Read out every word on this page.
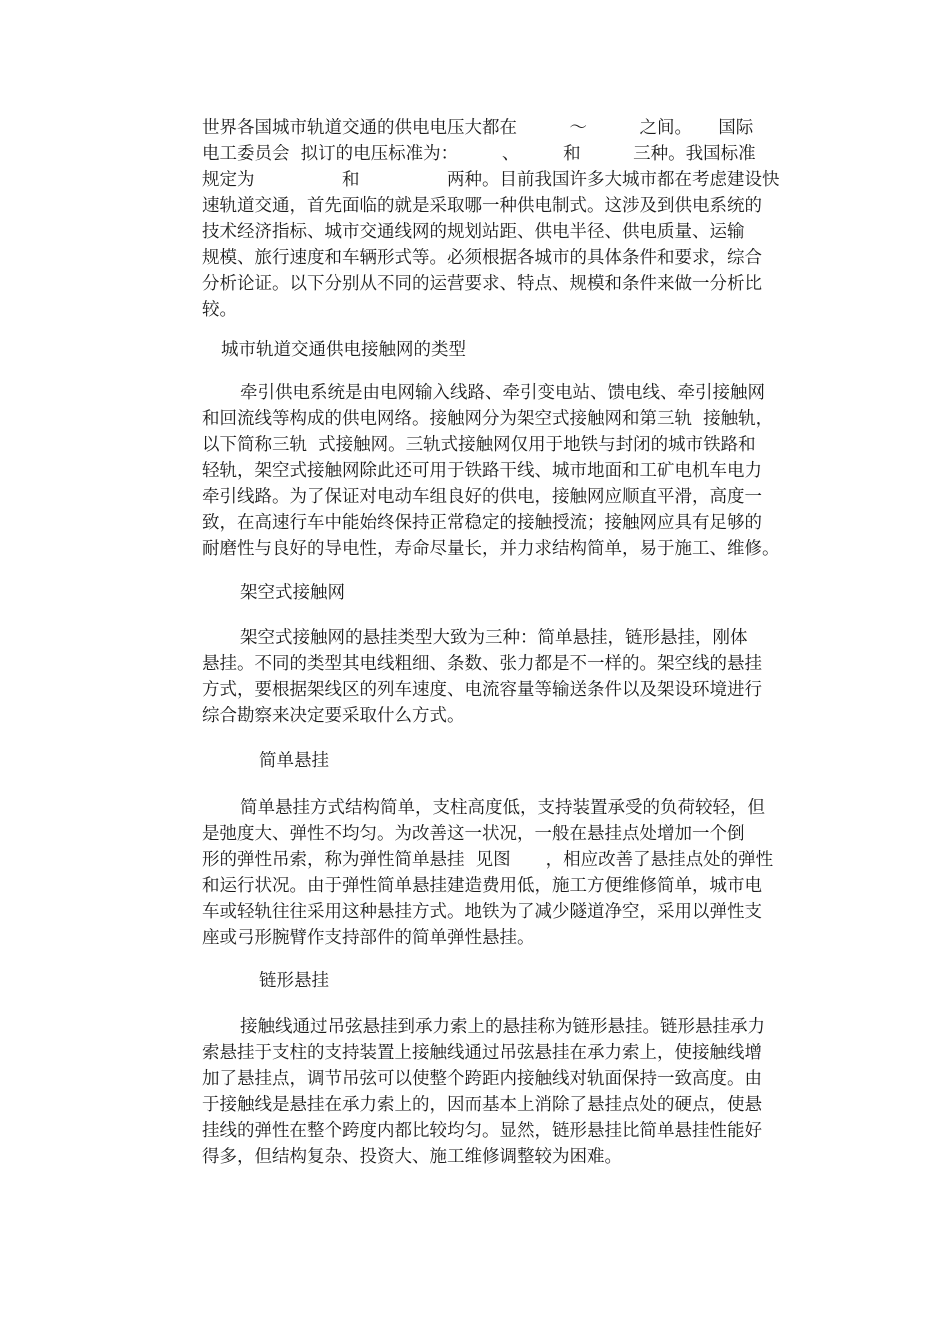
世界各国城市轨道交通的供电电压大都在　　　～　　　之间。　　国际
电工委员会  拟订的电压标准为：　　　、　　　和　　　三种。我国标准
规定为　　　　　和　　　　　两种。目前我国许多大城市都在考虑建设快
速轨道交通，首先面临的就是采取哪一种供电制式。这涉及到供电系统的
技术经济指标、城市交通线网的规划站距、供电半径、供电质量、运输
规模、旅行速度和车辆形式等。必须根据各城市的具体条件和要求，综合
分析论证。以下分别从不同的运营要求、特点、规模和条件来做一分析比
较。
城市轨道交通供电接触网的类型
牵引供电系统是由电网输入线路、牵引变电站、馈电线、牵引接触网
和回流线等构成的供电网络。接触网分为架空式接触网和第三轨  接触轨，
以下简称三轨  式接触网。三轨式接触网仅用于地铁与封闭的城市铁路和
轻轨，架空式接触网除此还可用于铁路干线、城市地面和工矿电机车电力
牵引线路。为了保证对电动车组良好的供电，接触网应顺直平滑，高度一
致，在高速行车中能始终保持正常稳定的接触授流；接触网应具有足够的
耐磨性与良好的导电性，寿命尽量长，并力求结构简单，易于施工、维修。
架空式接触网
架空式接触网的悬挂类型大致为三种：简单悬挂，链形悬挂，刚体
悬挂。不同的类型其电线粗细、条数、张力都是不一样的。架空线的悬挂
方式，要根据架线区的列车速度、电流容量等输送条件以及架设环境进行
综合勘察来决定要采取什么方式。
简单悬挂
简单悬挂方式结构简单，支柱高度低，支持装置承受的负荷较轻，但
是弛度大、弹性不均匀。为改善这一状况，一般在悬挂点处增加一个倒
形的弹性吊索，称为弹性简单悬挂  见图　　，相应改善了悬挂点处的弹性
和运行状况。由于弹性简单悬挂建造费用低，施工方便维修简单，城市电
车或轻轨往往采用这种悬挂方式。地铁为了减少隧道净空，采用以弹性支
座或弓形腕臂作支持部件的简单弹性悬挂。
链形悬挂
接触线通过吊弦悬挂到承力索上的悬挂称为链形悬挂。链形悬挂承力
索悬挂于支柱的支持装置上接触线通过吊弦悬挂在承力索上，使接触线增
加了悬挂点，调节吊弦可以使整个跨距内接触线对轨面保持一致高度。由
于接触线是悬挂在承力索上的，因而基本上消除了悬挂点处的硬点，使悬
挂线的弹性在整个跨度内都比较均匀。显然，链形悬挂比简单悬挂性能好
得多，但结构复杂、投资大、施工维修调整较为困难。
